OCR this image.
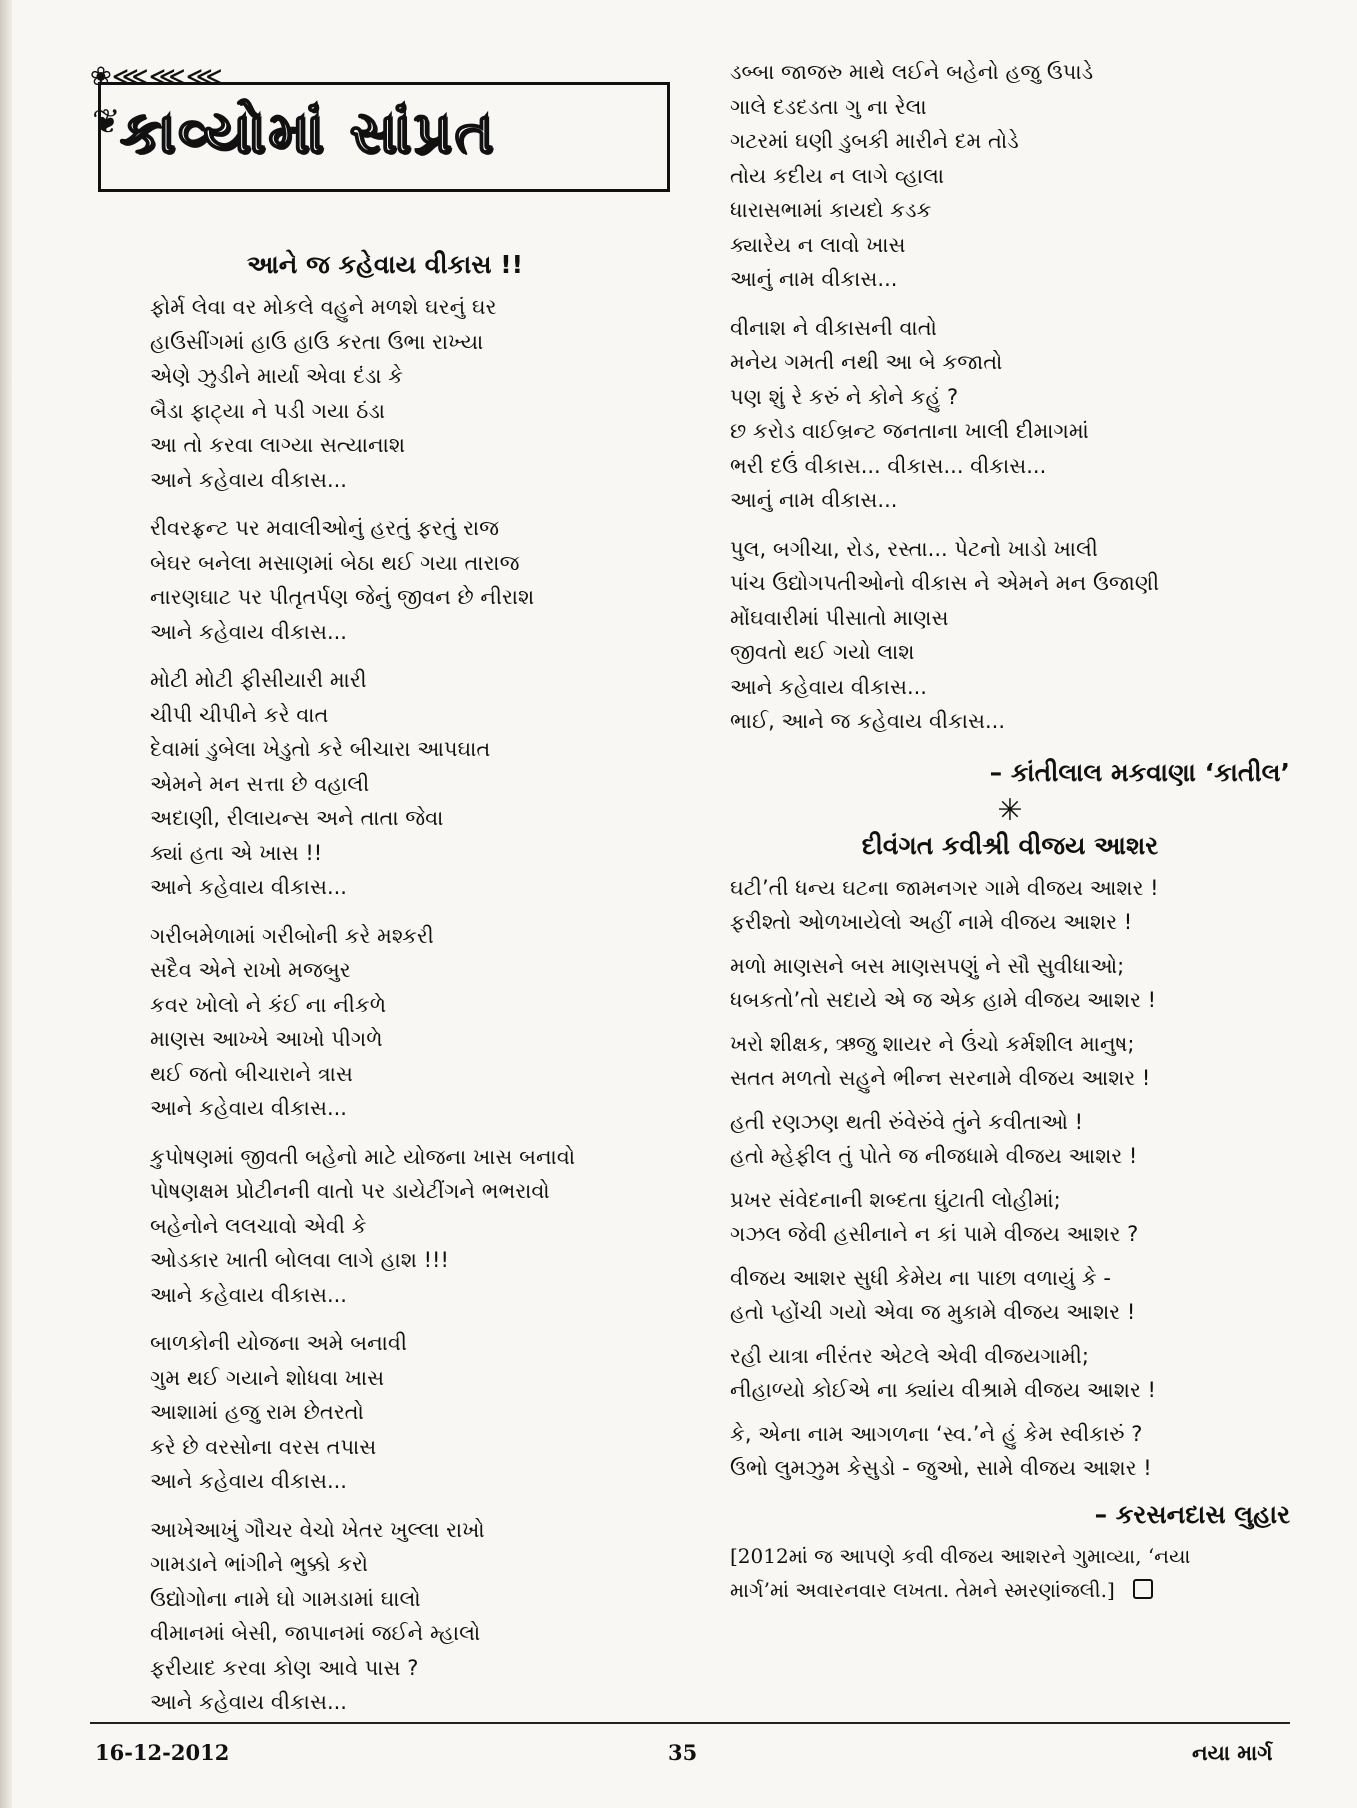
❀⋘⋘⋘
❦ કાવ્યોમાં સાંપ્રત
આને જ કહેવાય વીકાસ !!
ફોર્મ લેવા વર મોકલે વહુને મળશે ઘરનું ઘર
હાઉસીંગમાં હાઉ હાઉ કરતા ઉભા રાખ્યા
એણે ઝુડીને માર્યા એવા દંડા કે
બૈડા ફાટ્યા ને પડી ગયા ઠંડા
આ તો કરવા લાગ્યા સત્યાનાશ
આને કહેવાય વીકાસ...
રીવરફ્રન્ટ પર મવાલીઓનું હરતું ફરતું રાજ
બેઘર બનેલા મસાણમાં બેઠા થઈ ગયા તારાજ
નારણઘાટ પર પીતૃતર્પણ જેનું જીવન છે નીરાશ
આને કહેવાય વીકાસ...
મોટી મોટી ફીસીયારી મારી
ચીપી ચીપીને કરે વાત
દેવામાં ડુબેલા ખેડુતો કરે બીચારા આપઘાત
એમને મન સત્તા છે વહાલી
અદાણી, રીલાયન્સ અને તાતા જેવા
ક્યાં હતા એ ખાસ !!
આને કહેવાય વીકાસ...
ગરીબમેળામાં ગરીબોની કરે મશ્કરી
સદૈવ એને રાખો મજબુર
કવર ખોલો ને કંઈ ના નીકળે
માણસ આખ્ખે આખો પીગળે
થઈ જતો બીચારાને ત્રાસ
આને કહેવાય વીકાસ...
કુપોષણમાં જીવતી બહેનો માટે યોજના ખાસ બનાવો
પોષણક્ષમ પ્રોટીનની વાતો પર ડાયેટીંગને ભભરાવો
બહેનોને લલચાવો એવી કે
ઓડકાર ખાતી બોલવા લાગે હાશ !!!
આને કહેવાય વીકાસ...
બાળકોની યોજના અમે બનાવી
ગુમ થઈ ગયાને શોધવા ખાસ
આશામાં હજુ રામ છેતરતો
કરે છે વરસોના વરસ તપાસ
આને કહેવાય વીકાસ...
આખેઆખું ગૌચર વેચો ખેતર ખુલ્લા રાખો
ગામડાને ભાંગીને ભુક્કો કરો
ઉદ્યોગોના નામે ઘો ગામડામાં ઘાલો
વીમાનમાં બેસી, જાપાનમાં જઈને મ્હાલો
ફરીયાદ કરવા કોણ આવે પાસ ?
આને કહેવાય વીકાસ...
ડબ્બા જાજરુ માથે લઈને બહેનો હજુ ઉપાડે
ગાલે દડદડતા ગુ ના રેલા
ગટરમાં ઘણી ડુબકી મારીને દમ તોડે
તોય કદીય ન લાગે વ્હાલા
ધારાસભામાં કાયદો કડક
ક્યારેય ન લાવો ખાસ
આનું નામ વીકાસ...
વીનાશ ને વીકાસની વાતો
મનેય ગમતી નથી આ બે કજાતો
પણ શું રે કરું ને કોને કહું ?
છ કરોડ વાઈબ્રન્ટ જનતાના ખાલી દીમાગમાં
ભરી દઉં વીકાસ... વીકાસ... વીકાસ...
આનું નામ વીકાસ...
પુલ, બગીચા, રોડ, રસ્તા... પેટનો ખાડો ખાલી
પાંચ ઉદ્યોગપતીઓનો વીકાસ ને એમને મન ઉજાણી
મોંઘવારીમાં પીસાતો માણસ
જીવતો થઈ ગયો લાશ
આને કહેવાય વીકાસ...
ભાઈ, આને જ કહેવાય વીકાસ...
– કાંતીલાલ મકવાણા ‘કાતીલ’
✳
દીવંગત કવીશ્રી વીજય આશર
ઘટી’તી ધન્ય ઘટના જામનગર ગામે વીજય આશર !
ફરીશ્તો ઓળખાયેલો અહીં નામે વીજય આશર !
મળો માણસને બસ માણસપણું ને સૌ સુવીધાઓ;
ધબકતો’તો સદાયે એ જ એક હામે વીજય આશર !
ખરો શીક્ષક, ઋજુ શાયર ને ઉંચો કર્મશીલ માનુષ;
સતત મળતો સહુને ભીન્ન સરનામે વીજય આશર !
હતી રણઝણ થતી રુંવેરુંવે તુંને કવીતાઓ !
હતો મ્હેફીલ તું પોતે જ નીજધામે વીજય આશર !
પ્રખર સંવેદનાની શબ્દતા ઘુંટાતી લોહીમાં;
ગઝલ જેવી હસીનાને ન કાં પામે વીજય આશર ?
વીજય આશર સુધી કેમેય ના પાછા વળાયું કે -
હતો પ્હોંચી ગયો એવા જ મુકામે વીજય આશર !
રહી યાત્રા નીરંતર એટલે એવી વીજયગામી;
નીહાળ્યો કોઈએ ના ક્યાંય વીશ્રામે વીજય આશર !
કે, એના નામ આગળના ‘સ્વ.’ને હું કેમ સ્વીકારું ?
ઉભો લુમઝુમ કેસુડો - જુઓ, સામે વીજય આશર !
– કરસનદાસ લુહાર
[2012માં જ આપણે કવી વીજય આશરને ગુમાવ્યા, ‘નયા
માર્ગ’માં અવારનવાર લખતા. તેમને સ્મરણાંજલી.]
16-12-2012	35	નયા માર્ગ
